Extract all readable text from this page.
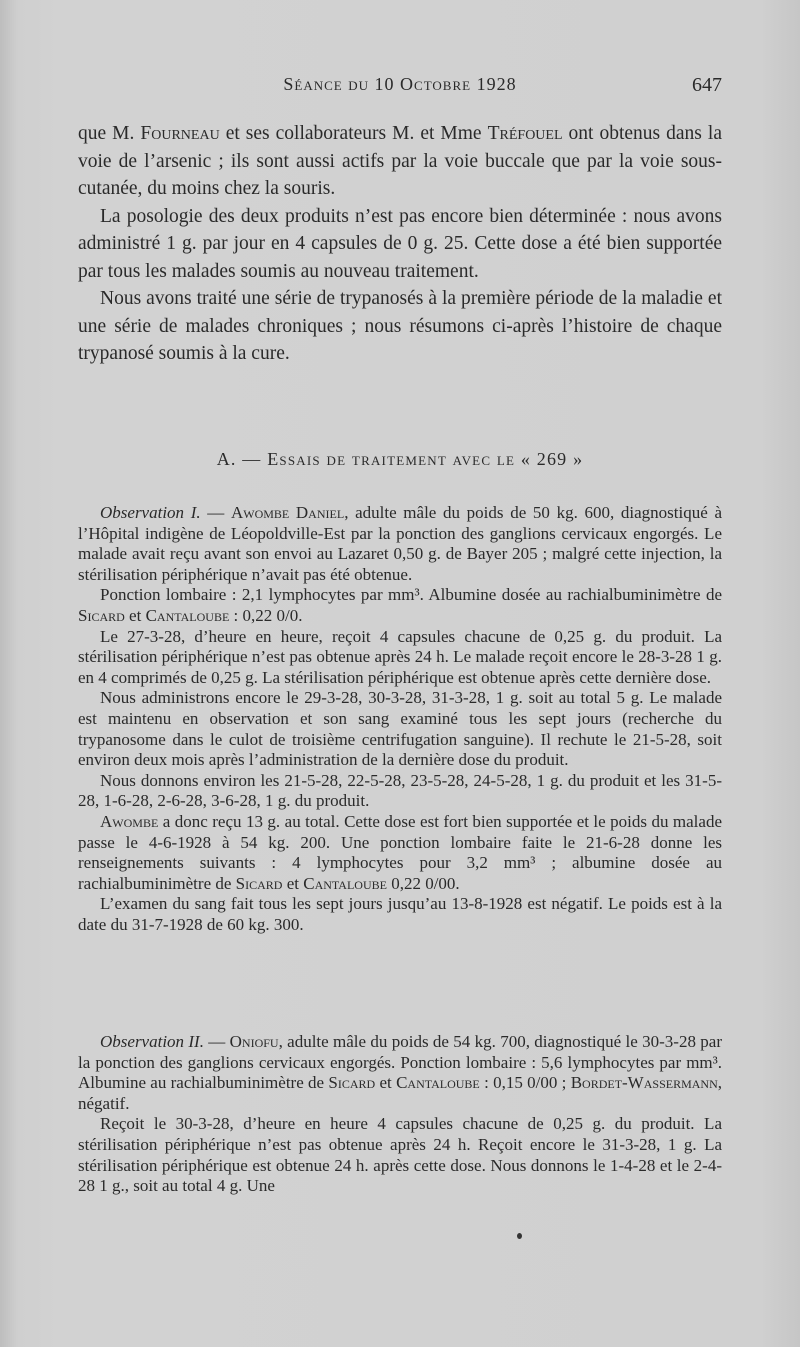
Séance du 10 Octobre 1928	647

que M. Fourneau et ses collaborateurs M. et Mme Tréfouel ont obtenus dans la voie de l’arsenic ; ils sont aussi actifs par la voie buccale que par la voie sous-cutanée, du moins chez la souris.

La posologie des deux produits n’est pas encore bien déterminée : nous avons administré 1 g. par jour en 4 capsules de 0 g. 25. Cette dose a été bien supportée par tous les malades soumis au nouveau traitement.

Nous avons traité une série de trypanosés à la première période de la maladie et une série de malades chroniques ; nous résumons ci-après l’histoire de chaque trypanosé soumis à la cure.

A. — Essais de traitement avec le « 269 »

Observation I. — Awombe Daniel, adulte mâle du poids de 50 kg. 600, diagnostiqué à l’Hôpital indigène de Léopoldville-Est par la ponction des ganglions cervicaux engorgés. Le malade avait reçu avant son envoi au Lazaret 0,50 g. de Bayer 205 ; malgré cette injection, la stérilisation périphérique n’avait pas été obtenue.

Ponction lombaire : 2,1 lymphocytes par mm³. Albumine dosée au rachialbuminimètre de Sicard et Cantaloube : 0,22 0/0.

Le 27-3-28, d’heure en heure, reçoit 4 capsules chacune de 0,25 g. du produit. La stérilisation périphérique n’est pas obtenue après 24 h. Le malade reçoit encore le 28-3-28 1 g. en 4 comprimés de 0,25 g. La stérilisation périphérique est obtenue après cette dernière dose.

Nous administrons encore le 29-3-28, 30-3-28, 31-3-28, 1 g. soit au total 5 g. Le malade est maintenu en observation et son sang examiné tous les sept jours (recherche du trypanosome dans le culot de troisième centrifugation sanguine). Il rechute le 21-5-28, soit environ deux mois après l’administration de la dernière dose du produit.

Nous donnons environ les 21-5-28, 22-5-28, 23-5-28, 24-5-28, 1 g. du produit et les 31-5-28, 1-6-28, 2-6-28, 3-6-28, 1 g. du produit.

Awombe a donc reçu 13 g. au total. Cette dose est fort bien supportée et le poids du malade passe le 4-6-1928 à 54 kg. 200. Une ponction lombaire faite le 21-6-28 donne les renseignements suivants : 4 lymphocytes pour 3,2 mm³ ; albumine dosée au rachialbuminimètre de Sicard et Cantaloube 0,22 0/00.

L’examen du sang fait tous les sept jours jusqu’au 13-8-1928 est négatif. Le poids est à la date du 31-7-1928 de 60 kg. 300.

Observation II. — Oniofu, adulte mâle du poids de 54 kg. 700, diagnostiqué le 30-3-28 par la ponction des ganglions cervicaux engorgés. Ponction lombaire : 5,6 lymphocytes par mm³. Albumine au rachialbuminimètre de Sicard et Cantaloube : 0,15 0/00 ; Bordet-Wassermann, négatif.

Reçoit le 30-3-28, d’heure en heure 4 capsules chacune de 0,25 g. du produit. La stérilisation périphérique n’est pas obtenue après 24 h. Reçoit encore le 31-3-28, 1 g. La stérilisation périphérique est obtenue 24 h. après cette dose. Nous donnons le 1-4-28 et le 2-4-28 1 g., soit au total 4 g. Une
